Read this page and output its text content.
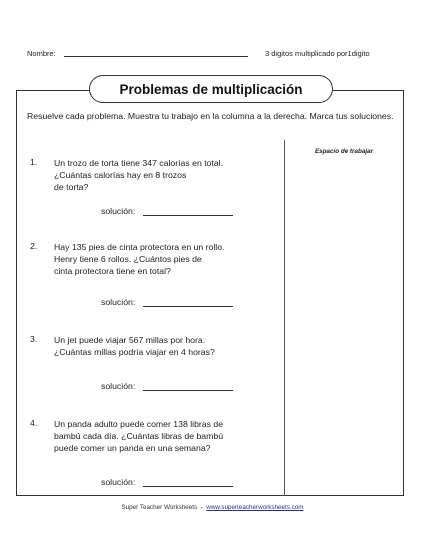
Nombre:	3 digitos multiplicado por1digito
Problemas de multiplicación
Resuelve cada problema. Muestra tu trabajo en la columna a la derecha. Marca tus soluciones.
Espacio de trabajar
1. Un trozo de torta tiene 347 calorías en total.
¿Cuántas calorías hay en 8 trozos
de torta?
solución:
2. Hay 135 pies de cinta protectora en un rollo.
Henry tiene 6 rollos. ¿Cuántos pies de
cinta protectora tiene en total?
solución:
3. Un jet puede viajar 567 millas por hora.
¿Cuántas millas podría viajar en 4 horas?
solución:
4. Un panda adulto puede comer 138 libras de
bambú cada día. ¿Cuántas libras de bambú
puede comer un panda en una semana?
solución:
Super Teacher Worksheets - www.superteacherworksheets.com
